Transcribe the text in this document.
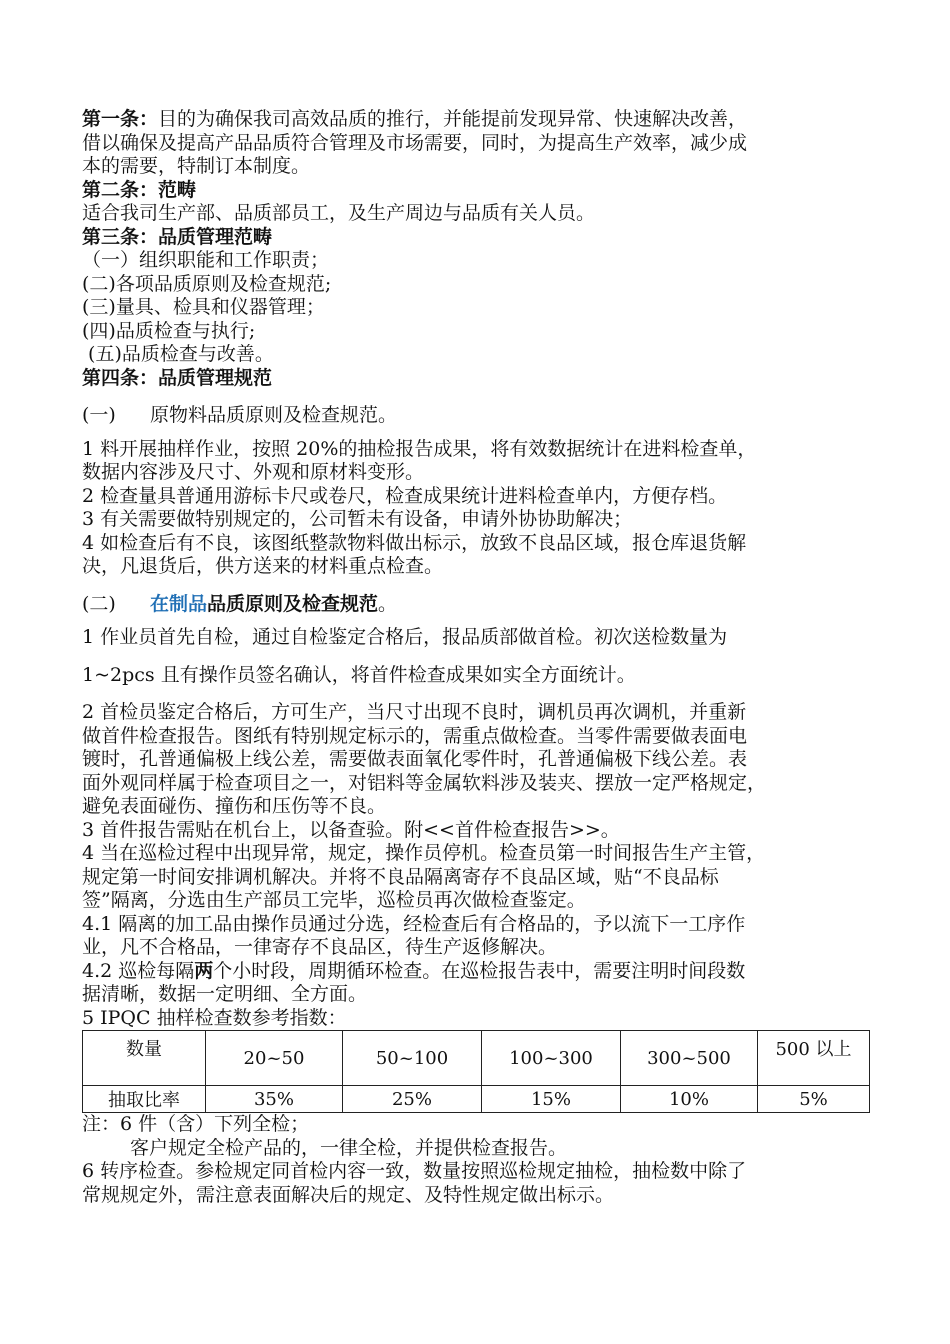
第一条：目的为确保我司高效品质的推行，并能提前发现异常、快速解决改善，
借以确保及提高产品品质符合管理及市场需要，同时，为提高生产效率，减少成
本的需要，特制订本制度。
第二条：范畴
适合我司生产部、品质部员工，及生产周边与品质有关人员。
第三条：品质管理范畴
（一）组织职能和工作职责；
(二)各项品质原则及检查规范;
(三)量具、检具和仪器管理；
(四)品质检查与执行;
(五)品质检查与改善。
第四条：品质管理规范
(一) 原物料品质原则及检查规范。
1 料开展抽样作业，按照 20%的抽检报告成果，将有效数据统计在进料检查单，
数据内容涉及尺寸、外观和原材料变形。
2 检查量具普通用游标卡尺或卷尺，检查成果统计进料检查单内，方便存档。
3 有关需要做特别规定的，公司暂未有设备，申请外协协助解决；
4 如检查后有不良，该图纸整款物料做出标示，放致不良品区域，报仓库退货解
决，凡退货后，供方送来的材料重点检查。
(二) 在制品品质原则及检查规范。
1 作业员首先自检，通过自检鉴定合格后，报品质部做首检。初次送检数量为
1~2pcs 且有操作员签名确认，将首件检查成果如实全方面统计。
2 首检员鉴定合格后，方可生产，当尺寸出现不良时，调机员再次调机，并重新
做首件检查报告。图纸有特别规定标示的，需重点做检查。当零件需要做表面电
镀时，孔普通偏极上线公差，需要做表面氧化零件时，孔普通偏极下线公差。表
面外观同样属于检查项目之一，对铝料等金属软料涉及装夹、摆放一定严格规定，
避免表面碰伤、撞伤和压伤等不良。
3 首件报告需贴在机台上，以备查验。附<<首件检查报告>>。
4 当在巡检过程中出现异常，规定，操作员停机。检查员第一时间报告生产主管，
规定第一时间安排调机解决。并将不良品隔离寄存不良品区域，贴“不良品标
签”隔离，分选由生产部员工完毕，巡检员再次做检查鉴定。
4.1 隔离的加工品由操作员通过分选，经检查后有合格品的，予以流下一工序作
业，凡不合格品，一律寄存不良品区，待生产返修解决。
4.2 巡检每隔两个小时段，周期循环检查。在巡检报告表中，需要注明时间段数
据清晰，数据一定明细、全方面。
5 IPQC 抽样检查数参考指数：
数量	20~50	50~100	100~300	300~500	500 以上
抽取比率	35%	25%	15%	10%	5%
注：6 件（含）下列全检；
客户规定全检产品的，一律全检，并提供检查报告。
6 转序检查。参检规定同首检内容一致，数量按照巡检规定抽检，抽检数中除了
常规规定外，需注意表面解决后的规定、及特性规定做出标示。
